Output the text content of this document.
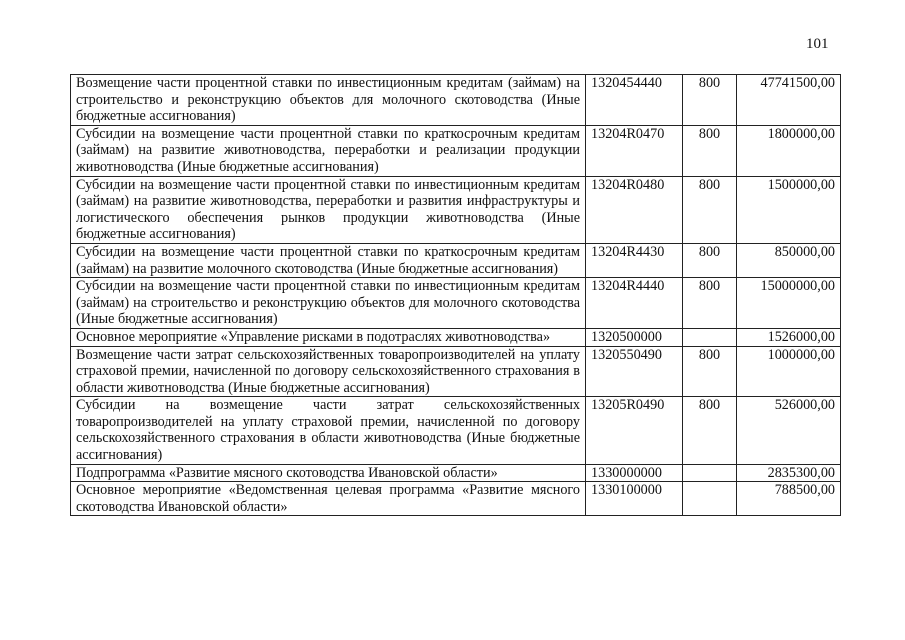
101
Возмещение части процентной ставки по инвестиционным кредитам (займам) на строительство и реконструкцию объектов для молочного скотоводства (Иные бюджетные ассигнования)	1320454440	800	47741500,00
Субсидии на возмещение части процентной ставки по краткосрочным кредитам (займам) на развитие животноводства, переработки и реализации продукции животноводства (Иные бюджетные ассигнования)	13204R0470	800	1800000,00
Субсидии на возмещение части процентной ставки по инвестиционным кредитам (займам) на развитие животноводства, переработки и развития инфраструктуры и логистического обеспечения рынков продукции животноводства (Иные бюджетные ассигнования)	13204R0480	800	1500000,00
Субсидии на возмещение части процентной ставки по краткосрочным кредитам (займам) на развитие молочного скотоводства (Иные бюджетные ассигнования)	13204R4430	800	850000,00
Субсидии на возмещение части процентной ставки по инвестиционным кредитам (займам) на строительство и реконструкцию объектов для молочного скотоводства (Иные бюджетные ассигнования)	13204R4440	800	15000000,00
Основное мероприятие «Управление рисками в подотраслях животноводства»	1320500000		1526000,00
Возмещение части затрат сельскохозяйственных товаропроизводителей на уплату страховой премии, начисленной по договору сельскохозяйственного страхования в области животноводства (Иные бюджетные ассигнования)	1320550490	800	1000000,00
Субсидии на возмещение части затрат сельскохозяйственных товаропроизводителей на уплату страховой премии, начисленной по договору сельскохозяйственного страхования в области животноводства (Иные бюджетные ассигнования)	13205R0490	800	526000,00
Подпрограмма «Развитие мясного скотоводства Ивановской области»	1330000000		2835300,00
Основное мероприятие «Ведомственная целевая программа «Развитие мясного скотоводства Ивановской области»	1330100000		788500,00
